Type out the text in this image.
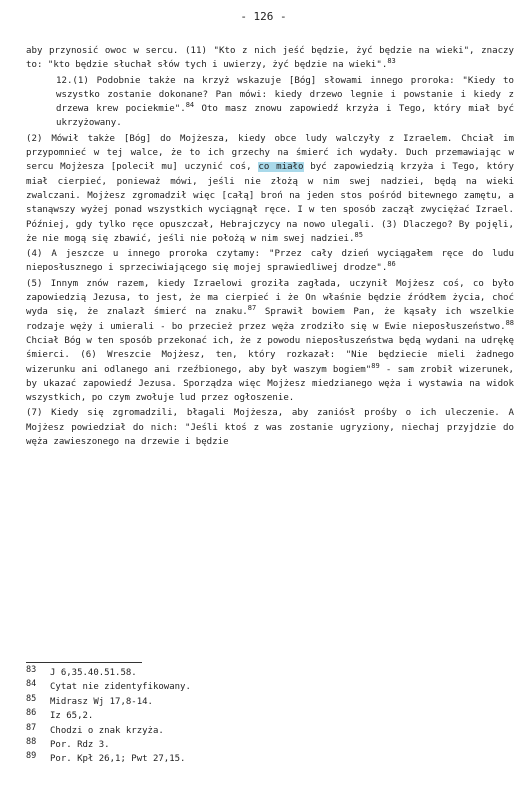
- 126 -

aby przynosić owoc w sercu. (11) "Kto z nich jeść będzie, żyć będzie na wieki", znaczy to: "kto będzie słuchał słów tych i uwierzy, żyć będzie na wieki".$^{83}$

12.(1) Podobnie także na krzyż wskazuje [Bóg] słowami innego proroka: "Kiedy to wszystko zostanie dokonane? Pan mówi: kiedy drzewo legnie i powstanie i kiedy z drzewa krew pociekmie".$^{84}$ Oto masz znowu zapowiedź krzyża i Tego, który miał być ukrzyżowany.

(2) Mówił także [Bóg] do Mojżesza, kiedy obce ludy walczyły z Izraelem. Chciał im przypomnieć w tej walce, że to ich grzechy na śmierć ich wydały. Duch przemawiając w sercu Mojżesza [polecił mu] uczynić coś, co miało być zapowiedzią krzyża i Tego, który miał cierpieć, ponieważ mówi, jeśli nie złożą w nim swej nadziei, będą na wieki zwalczani. Mojżesz zgromadził więc [całą] broń na jeden stos pośród bitewnego zamętu, a stanąwszy wyżej ponad wszystkich wyciągnął ręce. I w ten sposób zaczął zwyciężać Izrael. Później, gdy tylko ręce opuszczał, Hebrajczycy na nowo ulegali. (3) Dlaczego? By pojęli, że nie mogą się zbawić, jeśli nie położą w nim swej nadziei.$^{85}$

(4) A jeszcze u innego proroka czytamy: "Przez cały dzień wyciągałem ręce do ludu nieposłusznego i sprzeciwiającego się mojej sprawiedliwej drodze".$^{86}$

(5) Innym znów razem, kiedy Izraelowi groziła zagłada, uczynił Mojżesz coś, co było zapowiedzią Jezusa, to jest, że ma cierpieć i że On właśnie będzie źródłem życia, choć wyda się, że znalazł śmierć na znaku.$^{87}$ Sprawił bowiem Pan, że kąsały ich wszelkie rodzaje węży i umierali - bo przecież przez węża zrodziło się w Ewie nieposłuszeństwo.$^{88}$ Chciał Bóg w ten sposób przekonać ich, że z powodu nieposłuszeństwa będą wydani na udrękę śmierci. (6) Wreszcie Mojżesz, ten, który rozkazał: "Nie będziecie mieli żadnego wizerunku ani odlanego ani rzeźbionego, aby był waszym bogiem"$^{89}$ - sam zrobił wizerunek, by ukazać zapowiedź Jezusa. Sporządza więc Mojżesz miedzianego węża i wystawia na widok wszystkich, po czym zwołuje lud przez ogłoszenie.

(7) Kiedy się zgromadzili, błagali Mojżesza, aby zaniósł prośby o ich uleczenie. A Mojżesz powiedział do nich: "Jeśli ktoś z was zostanie ugryziony, niechaj przyjdzie do węża zawieszonego na drzewie i będzie

83	J 6,35.40.51.58.
84	Cytat nie zidentyfikowany.
85	Midrasz Wj 17,8-14.
86	Iz 65,2.
87	Chodzi o znak krzyża.
88	Por. Rdz 3.
89	Por. Kpł 26,1; Pwt 27,15.
